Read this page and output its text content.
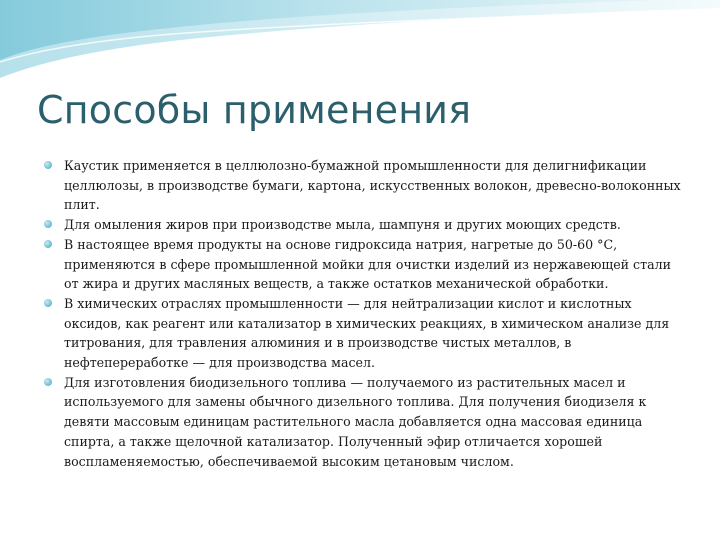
Способы применения
Каустик применяется в целлюлозно-бумажной промышленности для делигнификации целлюлозы, в производстве бумаги, картона, искусственных волокон, древесно-волоконных плит.
Для омыления жиров при производстве мыла, шампуня и других моющих средств.
В настоящее время продукты на основе гидроксида натрия, нагретые до 50-60 °С, применяются в сфере промышленной мойки для очистки изделий из нержавеющей стали от жира и других масляных веществ, а также остатков механической обработки.
В химических отраслях промышленности — для нейтрализации кислот и кислотных оксидов, как реагент или катализатор в химических реакциях, в химическом анализе для титрования, для травления алюминия и в производстве чистых металлов, в нефтепереработке — для производства масел.
Для изготовления биодизельного топлива — получаемого из растительных масел и используемого для замены обычного дизельного топлива. Для получения биодизеля к девяти массовым единицам растительного масла добавляется одна массовая единица спирта, а также щелочной катализатор. Полученный эфир отличается хорошей воспламеняемостью, обеспечиваемой высоким цетановым числом.
